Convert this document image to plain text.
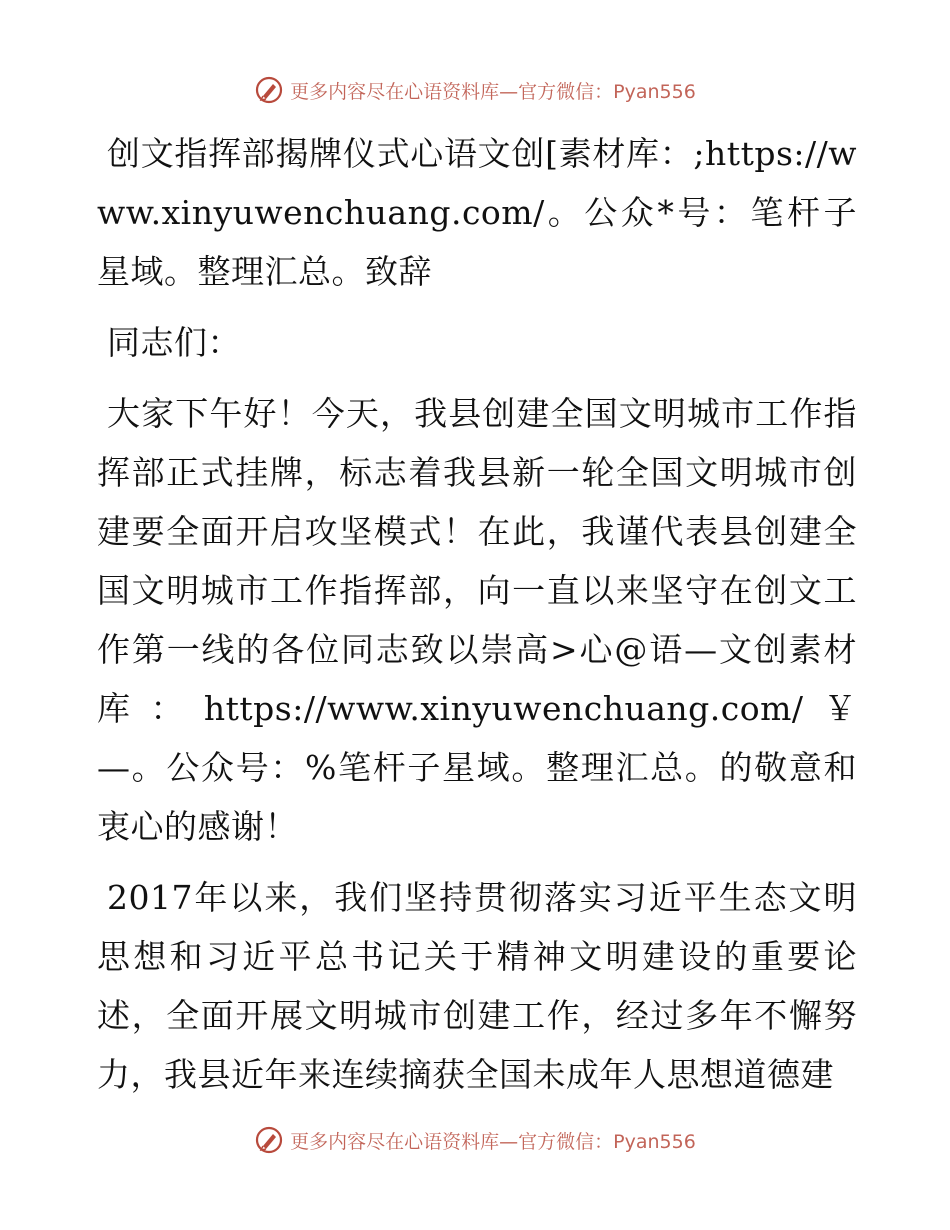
更多内容尽在心语资料库—官方微信：Pyan556

创文指挥部揭牌仪式心语文创[素材库：;https://www.xinyuwenchuang.com/。公众*号：笔杆子星域。整理汇总。致辞

同志们：

大家下午好！今天，我县创建全国文明城市工作指挥部正式挂牌，标志着我县新一轮全国文明城市创建要全面开启攻坚模式！在此，我谨代表县创建全国文明城市工作指挥部，向一直以来坚守在创文工作第一线的各位同志致以崇高>心@语—文创素材库：https://www.xinyuwenchuang.com/￥—。公众号：%笔杆子星域。整理汇总。的敬意和衷心的感谢！

2017年以来，我们坚持贯彻落实习近平生态文明思想和习近平总书记关于精神文明建设的重要论述，全面开展文明城市创建工作，经过多年不懈努力，我县近年来连续摘获全国未成年人思想道德建

更多内容尽在心语资料库—官方微信：Pyan556
